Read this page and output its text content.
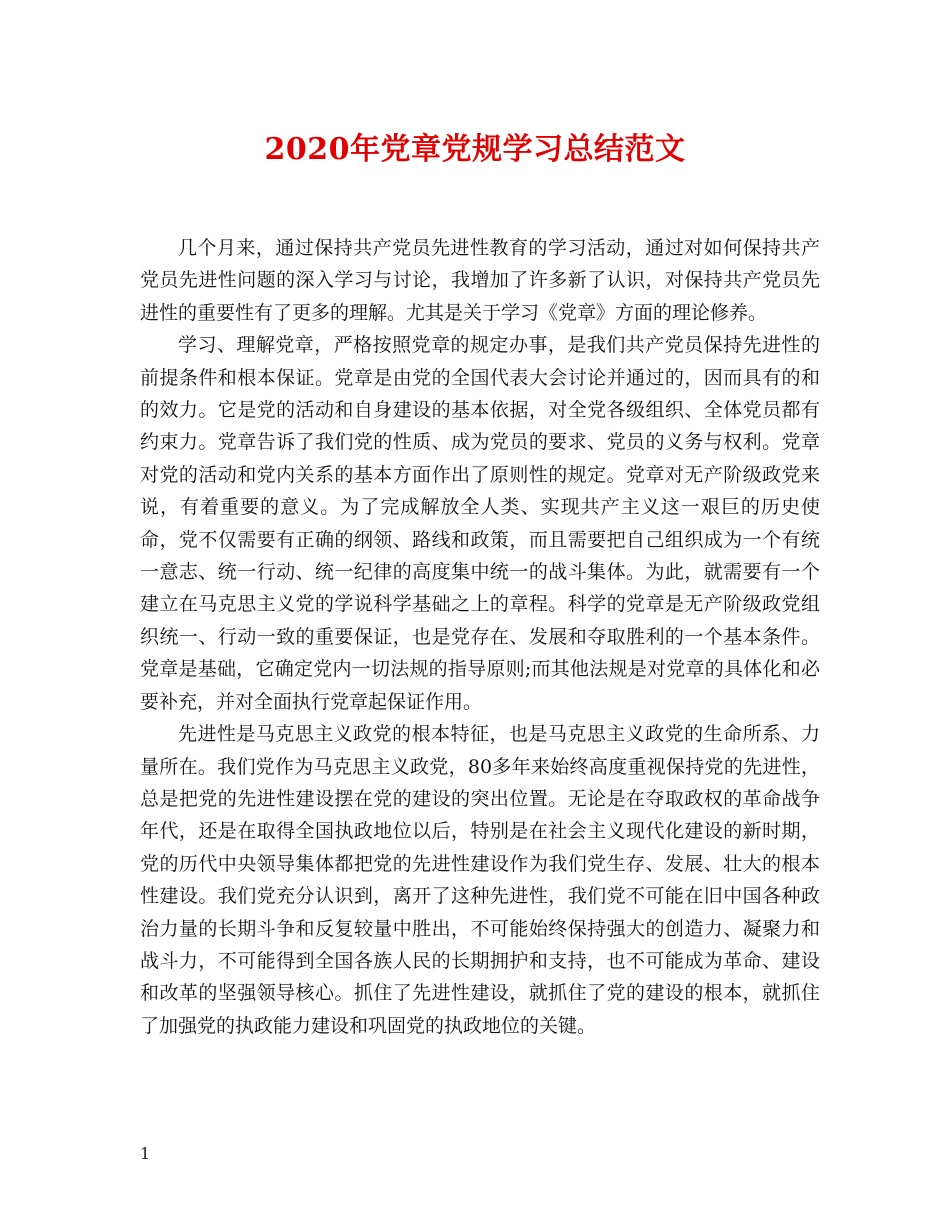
2020年党章党规学习总结范文

几个月来，通过保持共产党员先进性教育的学习活动，通过对如何保持共产党员先进性问题的深入学习与讨论，我增加了许多新了认识，对保持共产党员先进性的重要性有了更多的理解。尤其是关于学习《党章》方面的理论修养。

学习、理解党章，严格按照党章的规定办事，是我们共产党员保持先进性的前提条件和根本保证。党章是由党的全国代表大会讨论并通过的，因而具有的和的效力。它是党的活动和自身建设的基本依据，对全党各级组织、全体党员都有约束力。党章告诉了我们党的性质、成为党员的要求、党员的义务与权利。党章对党的活动和党内关系的基本方面作出了原则性的规定。党章对无产阶级政党来说，有着重要的意义。为了完成解放全人类、实现共产主义这一艰巨的历史使命，党不仅需要有正确的纲领、路线和政策，而且需要把自己组织成为一个有统一意志、统一行动、统一纪律的高度集中统一的战斗集体。为此，就需要有一个建立在马克思主义党的学说科学基础之上的章程。科学的党章是无产阶级政党组织统一、行动一致的重要保证，也是党存在、发展和夺取胜利的一个基本条件。党章是基础，它确定党内一切法规的指导原则;而其他法规是对党章的具体化和必要补充，并对全面执行党章起保证作用。

先进性是马克思主义政党的根本特征，也是马克思主义政党的生命所系、力量所在。我们党作为马克思主义政党，80多年来始终高度重视保持党的先进性，总是把党的先进性建设摆在党的建设的突出位置。无论是在夺取政权的革命战争年代，还是在取得全国执政地位以后，特别是在社会主义现代化建设的新时期，党的历代中央领导集体都把党的先进性建设作为我们党生存、发展、壮大的根本性建设。我们党充分认识到，离开了这种先进性，我们党不可能在旧中国各种政治力量的长期斗争和反复较量中胜出，不可能始终保持强大的创造力、凝聚力和战斗力，不可能得到全国各族人民的长期拥护和支持，也不可能成为革命、建设和改革的坚强领导核心。抓住了先进性建设，就抓住了党的建设的根本，就抓住了加强党的执政能力建设和巩固党的执政地位的关键。

1
